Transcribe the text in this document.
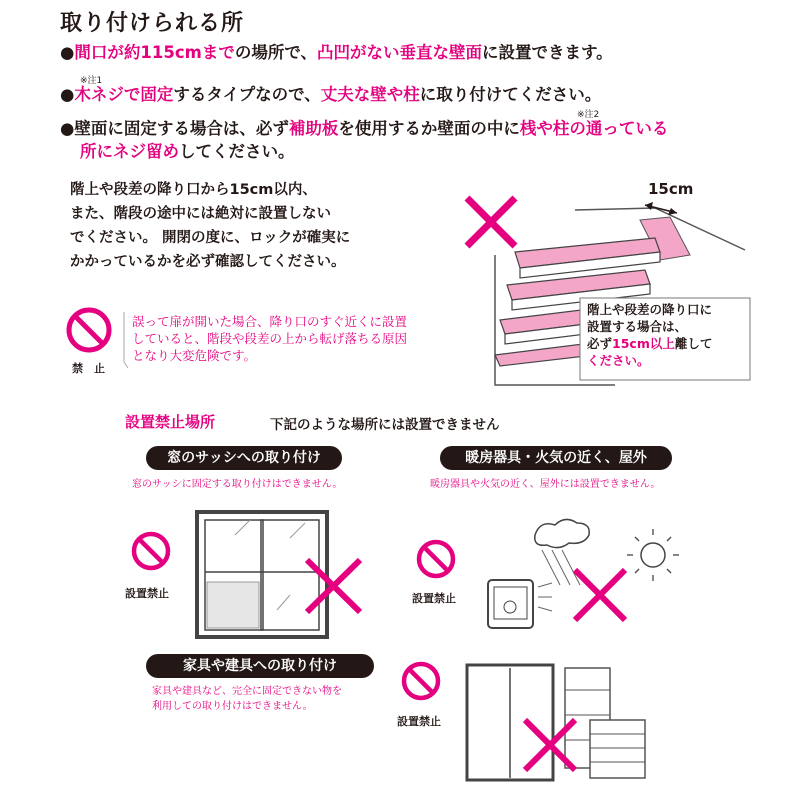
取り付けられる所
●間口が約115cmまでの場所で、凸凹がない垂直な壁面に設置できます。
●木ネジで固定するタイプなので、丈夫な壁や柱に取り付けてください。
●壁面に固定する場合は、必ず補助板を使用するか壁面の中に桟や柱の通っている
所にネジ留めしてください。
※注1
※注2
階上や段差の降り口から15cm以内、
また、階段の途中には絶対に設置しない
でください。 開閉の度に、ロックが確実に
かかっているかを必ず確認してください。
禁　止
誤って扉が開いた場合、降り口のすぐ近くに設置
していると、階段や段差の上から転げ落ちる原因
となり大変危険です。
15cm
階上や段差の降り口に
設置する場合は、
必ず15cm以上離して
ください。
設置禁止場所	下記のような場所には設置できません
窓のサッシへの取り付け
窓のサッシに固定する取り付けはできません。
設置禁止
暖房器具・火気の近く、屋外
暖房器具や火気の近く、屋外には設置できません。
設置禁止
家具や建具への取り付け
家具や建具など、完全に固定できない物を
利用しての取り付けはできません。
設置禁止
